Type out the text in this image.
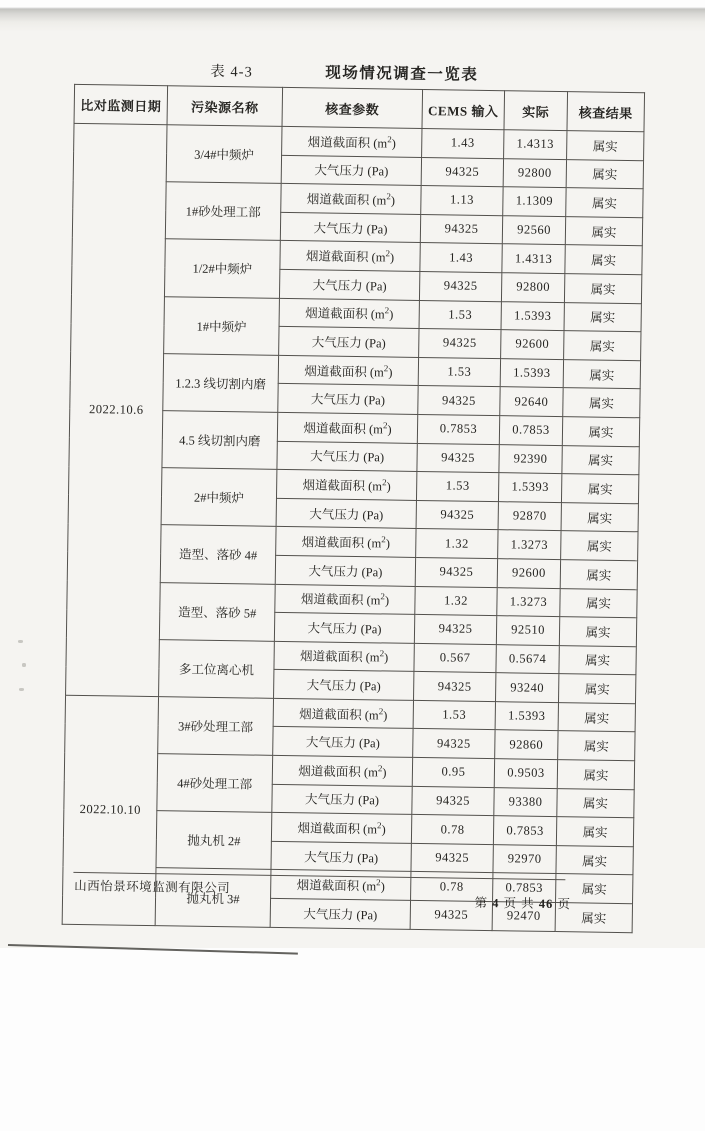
表 4-3	现场情况调查一览表
比对监测日期	污染源名称	核查参数	CEMS 输入	实际	核查结果
2022.10.6	3/4#中频炉	烟道截面积 $(m^2)$	1.43	1.4313	属实
		大气压力 (Pa)	94325	92800	属实
	1#砂处理工部	烟道截面积 $(m^2)$	1.13	1.1309	属实
		大气压力 (Pa)	94325	92560	属实
	1/2#中频炉	烟道截面积 $(m^2)$	1.43	1.4313	属实
		大气压力 (Pa)	94325	92800	属实
	1#中频炉	烟道截面积 $(m^2)$	1.53	1.5393	属实
		大气压力 (Pa)	94325	92600	属实
	1.2.3 线切割内磨	烟道截面积 $(m^2)$	1.53	1.5393	属实
		大气压力 (Pa)	94325	92640	属实
	4.5 线切割内磨	烟道截面积 $(m^2)$	0.7853	0.7853	属实
		大气压力 (Pa)	94325	92390	属实
	2#中频炉	烟道截面积 $(m^2)$	1.53	1.5393	属实
		大气压力 (Pa)	94325	92870	属实
	造型、落砂 4#	烟道截面积 $(m^2)$	1.32	1.3273	属实
		大气压力 (Pa)	94325	92600	属实
	造型、落砂 5#	烟道截面积 $(m^2)$	1.32	1.3273	属实
		大气压力 (Pa)	94325	92510	属实
	多工位离心机	烟道截面积 $(m^2)$	0.567	0.5674	属实
		大气压力 (Pa)	94325	93240	属实
2022.10.10	3#砂处理工部	烟道截面积 $(m^2)$	1.53	1.5393	属实
		大气压力 (Pa)	94325	92860	属实
	4#砂处理工部	烟道截面积 $(m^2)$	0.95	0.9503	属实
		大气压力 (Pa)	94325	93380	属实
	抛丸机 2#	烟道截面积 $(m^2)$	0.78	0.7853	属实
		大气压力 (Pa)	94325	92970	属实
	抛丸机 3#	烟道截面积 $(m^2)$	0.78	0.7853	属实
		大气压力 (Pa)	94325	92470	属实
山西怡景环境监测有限公司
第 4 页 共 46 页
